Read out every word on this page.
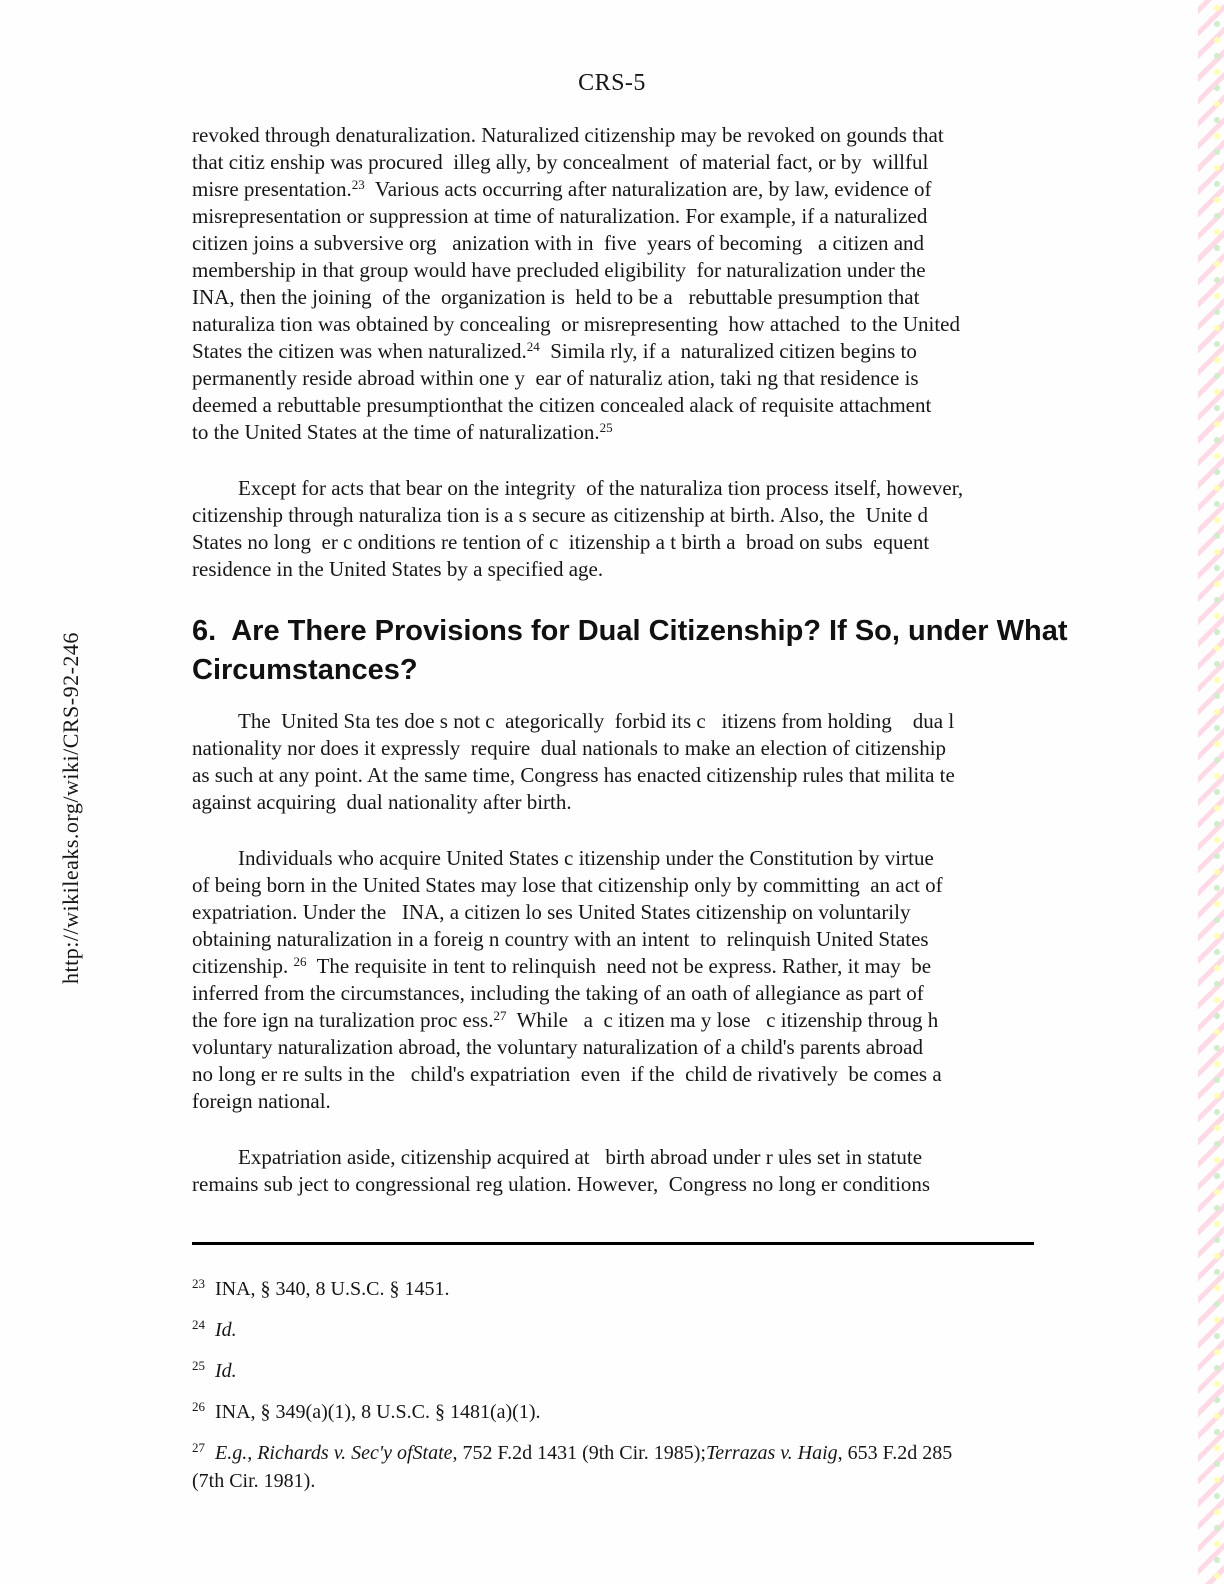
CRS-5
http://wikileaks.org/wiki/CRS-92-246
revoked through denaturalization. Naturalized citizenship may be revoked on gounds that
that citiz enship was procured  illeg ally, by concealment  of material fact, or by  willful
misre presentation.$^{23}$  Various acts occurring after naturalization are, by law, evidence of
misrepresentation or suppression at time of naturalization. For example, if a naturalized
citizen joins a subversive org   anization with in  five  years of becoming   a citizen and
membership in that group would have precluded eligibility  for naturalization under the
INA, then the joining  of the  organization is  held to be a   rebuttable presumption that
naturaliza tion was obtained by concealing  or misrepresenting  how attached  to the United
States the citizen was when naturalized.$^{24}$  Simila rly, if a  naturalized citizen begins to
permanently reside abroad within one y  ear of naturaliz ation, taki ng that residence is
deemed a rebuttable presumptionthat the citizen concealed alack of requisite attachment
to the United States at the time of naturalization.$^{25}$
Except for acts that bear on the integrity  of the naturaliza tion process itself, however,
citizenship through naturaliza tion is a s secure as citizenship at birth. Also, the  Unite d
States no long  er c onditions re tention of c  itizenship a t birth a  broad on subs  equent
residence in the United States by a specified age.
6.  Are There Provisions for Dual Citizenship? If So, under What
Circumstances?
The  United Sta tes doe s not c  ategorically  forbid its c   itizens from holding    dua l
nationality nor does it expressly  require  dual nationals to make an election of citizenship
as such at any point. At the same time, Congress has enacted citizenship rules that milita te
against acquiring  dual nationality after birth.
Individuals who acquire United States c itizenship under the Constitution by virtue
of being born in the United States may lose that citizenship only by committing  an act of
expatriation. Under the   INA, a citizen lo ses United States citizenship on voluntarily
obtaining naturalization in a foreig n country with an intent  to  relinquish United States
citizenship. $^{26}$  The requisite in tent to relinquish  need not be express. Rather, it may  be
inferred from the circumstances, including the taking of an oath of allegiance as part of
the fore ign na turalization proc ess.$^{27}$  While   a  c itizen ma y lose   c itizenship throug h
voluntary naturalization abroad, the voluntary naturalization of a child's parents abroad
no long er re sults in the   child's expatriation  even  if the  child de rivatively  be comes a
foreign national.
Expatriation aside, citizenship acquired at   birth abroad under r ules set in statute
remains sub ject to congressional reg ulation. However,  Congress no long er conditions
$^{23}$ INA, § 340, 8 U.S.C. § 1451.
$^{24}$ Id.
$^{25}$ Id.
$^{26}$ INA, § 349(a)(1), 8 U.S.C. § 1481(a)(1).
$^{27}$ E.g., Richards v. Sec'y ofState, 752 F.2d 1431 (9th Cir. 1985);Terrazas v. Haig, 653 F.2d 285
(7th Cir. 1981).
